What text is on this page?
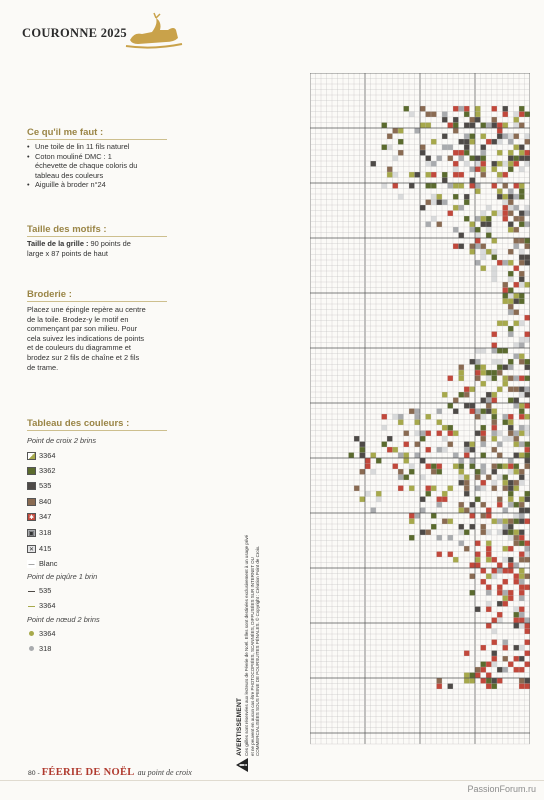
COURONNE 2025
Ce qu'il me faut :
• Une toile de lin 11 fils naturel
• Coton mouliné DMC : 1 échevette de chaque coloris du tableau des couleurs
• Aiguille à broder n°24
Taille des motifs :
Taille de la grille : 90 points de large x 87 points de haut
Broderie :
Placez une épingle repère au centre de la toile. Brodez-y le motif en commençant par son milieu. Pour cela suivez les indications de points et de couleurs du diagramme et brodez sur 2 fils de chaîne et 2 fils de trame.
Tableau des couleurs :
Point de croix 2 brins
3364
3362
535
840
✱ 347
▣ 318
✕ 415
— Blanc
Point de piqûre 1 brin
535
3364
Point de nœud 2 brins
3364
318
AVERTISSEMENT Ces grilles sont réservées aux lecteurs de Féerie de Noël. Elles sont destinées exclusivement à un usage privé et ne peuvent en aucun cas être PHOTOCOPIÉES, SCANNÉES, DIFFUSÉES SUR INTERNET OU COMMERCIALISÉES SOUS PEINE DE POURSUITES PÉNALES. © Copyright : Création Point de Croix.
80 - FÉERIE DE NOËL au point de croix
PassionForum.ru
